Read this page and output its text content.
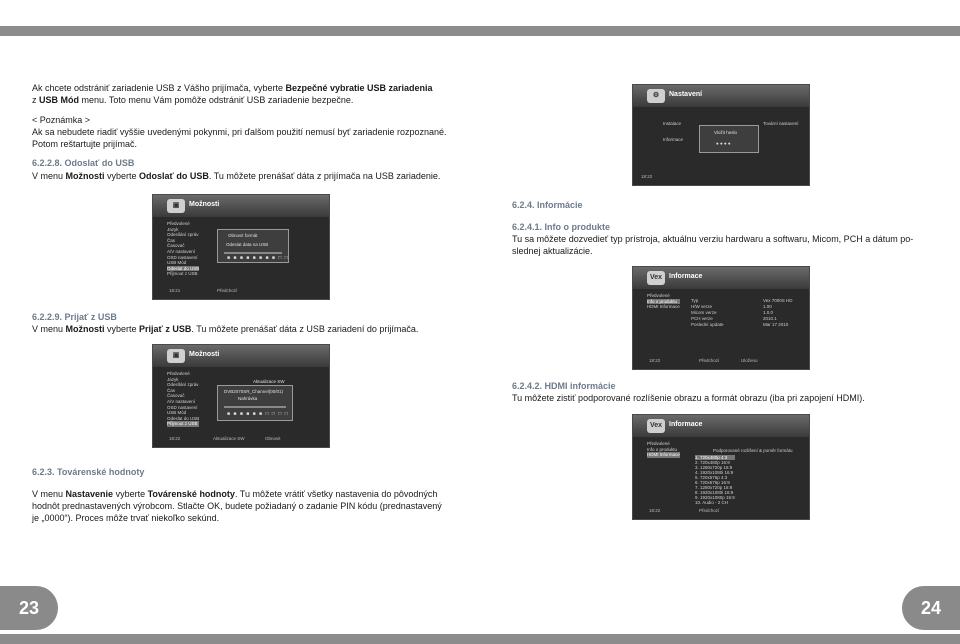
Ak chcete odstrániť zariadenie USB z Vášho prijímača, vyberte Bezpečné vybratie USB zariadenia
z USB Mód menu. Toto menu Vám pomôže odstrániť USB zariadenie bezpečne.
< Poznámka >
Ak sa nebudete riadiť vyššie uvedenými pokynmi, pri ďalšom použití nemusí byť zariadenie rozpoznané.
Potom reštartujte prijímač.
6.2.2.8. Odoslať do USB
V menu Možnosti vyberte Odoslať do USB. Tu môžete prenášať dáta z prijímača na USB zariadenie.
6.2.2.9. Prijať z USB
V menu Možnosti vyberte Prijať z USB. Tu môžete prenášať dáta z USB zariadení do prijímača.
6.2.3. Továrenské hodnoty
V menu Nastavenie vyberte Továrenské hodnoty. Tu môžete vrátiť všetky nastavenia do pôvodných
hodnôt prednastavených výrobcom. Stlačte OK, budete požiadaný o zadanie PIN kódu (prednastavený
je „0000“). Proces môže trvať niekoľko sekúnd.
6.2.4. Informácie
6.2.4.1. Info o produkte
Tu sa môžete dozvedieť typ prístroja, aktuálnu verziu hardwaru a softwaru, Micom, PCH a dátum po-
slednej aktualizácie.
6.2.4.2. HDMI informácie
Tu môžete zistiť podporované rozlíšenie obrazu a formát obrazu (iba pri zapojení HDMI).
⚙	Nastavení
Instalace
Informace
Vložit heslo
● ● ● ●
Tovární nastavení
18:22
▣	Možnosti
Předvolené
Jazyk
Odesílání zpráv
Čas
Časovač
A/V nastavení
OSD nastavení
USB Mód
Odeslat do USB
Přijmout z USB
Obnovit formát
Odeslat data na USB
■ ■ ■ ■ ■ ■ ■ ■ □ □
18:21	Předchozí
Vex Informace
Předvolené
Info o produktu
HDMI Informace
Typ	Vex 7000S HD
H/W verze	1.00
Micom verze	1.0.0
PCH verze	2010.1
Poslední update	Mar 17 2010
18:22	Předchozí	Uloženo
▣	Možnosti
Předvolené
Jazyk
Odesílání zpráv
Čas
Časovač
A/V nastavení
OSD nastavení
USB Mód
Odeslat do USB
Přijmout z USB
Aktualizace SW
DVB2070SR_Channel(00/01)
Nahrávka
■ ■ ■ ■ ■ ■ □ □ □ □
18:22	Aktualizace SW	Obnovit
Vex Informace
Předvolené
Info o produktu
HDMI Informace
Podporované rozlišení & poměr formátu
1. 720x480p 4:3
2. 720x480p 16:9
3. 1280x720p 16:9
4. 1920x1080i 16:9
5. 720x576p 4:3
6. 720x576p 16:9
7. 1280x720p 16:9
8. 1920x1080i 16:9
9. 1920x1080p 16:9
10. Audio - 2 CH
18:22	Předchozí
23	24
